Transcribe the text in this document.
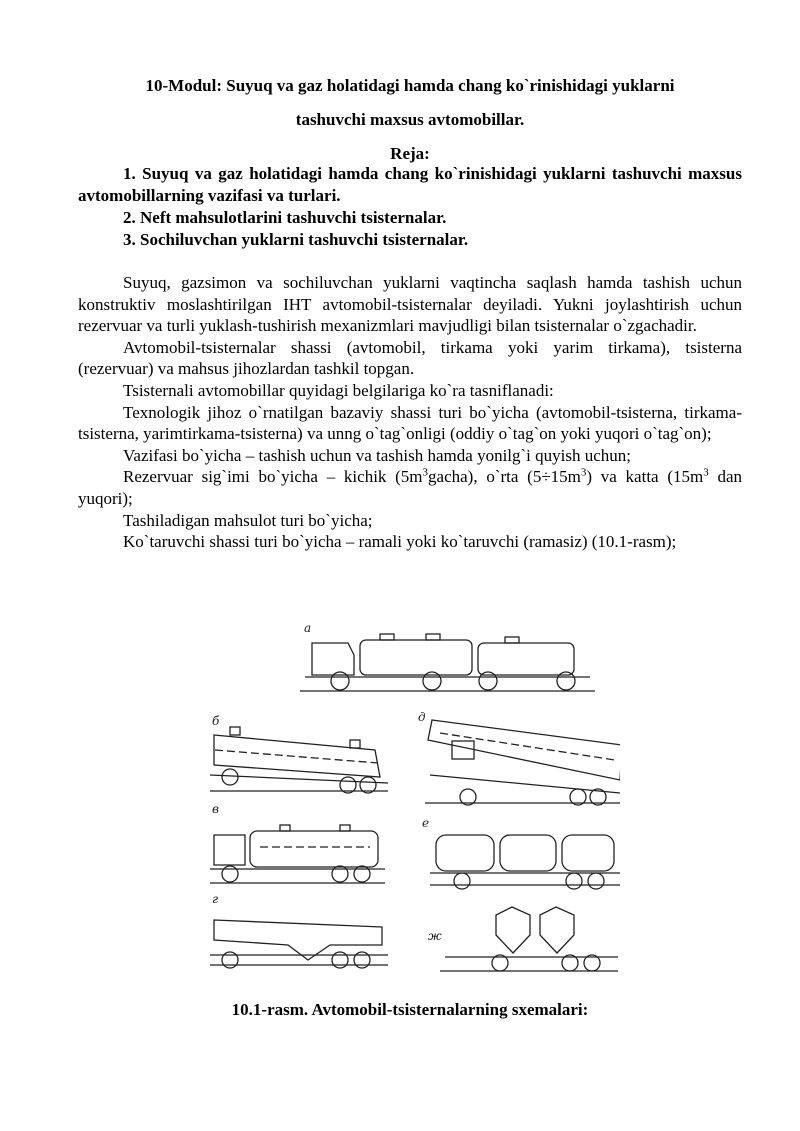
10-Modul: Suyuq va gaz holatidagi hamda chang ko`rinishidagi yuklarni
tashuvchi maxsus avtomobillar.
Reja:

1. Suyuq va gaz holatidagi hamda chang ko`rinishidagi yuklarni tashuvchi maxsus avtomobillarning vazifasi va turlari.

2. Neft mahsulotlarini tashuvchi tsisternalar.

3. Sochiluvchan yuklarni tashuvchi tsisternalar.

Suyuq, gazsimon va sochiluvchan yuklarni vaqtincha saqlash hamda tashish uchun konstruktiv moslashtirilgan IHT avtomobil-tsisternalar deyiladi. Yukni joylashtirish uchun rezervuar va turli yuklash-tushirish mexanizmlari mavjudligi bilan tsisternalar o`zgachadir.

Avtomobil-tsisternalar shassi (avtomobil, tirkama yoki yarim tirkama), tsisterna (rezervuar) va mahsus jihozlardan tashkil topgan.

Tsisternali avtomobillar quyidagi belgilariga ko`ra tasniflanadi:

Texnologik jihoz o`rnatilgan bazaviy shassi turi bo`yicha (avtomobil-tsisterna, tirkama-tsisterna, yarimtirkama-tsisterna) va unng o`tag`onligi (oddiy o`tag`on yoki yuqori o`tag`on);

Vazifasi bo`yicha – tashish uchun va tashish hamda yonilg`i quyish uchun;

Rezervuar sig`imi bo`yicha – kichik $(5m^3gacha)$, o`rta $(5\div 15m^3)$ va katta ($15m^3$ dan yuqori);

Tashiladigan mahsulot turi bo`yicha;

Ko`taruvchi shassi turi bo`yicha – ramali yoki ko`taruvchi (ramasiz) (10.1-rasm);

a
б	д
в
e
г
ж
10.1-rasm. Avtomobil-tsisternalarning sxemalari:
